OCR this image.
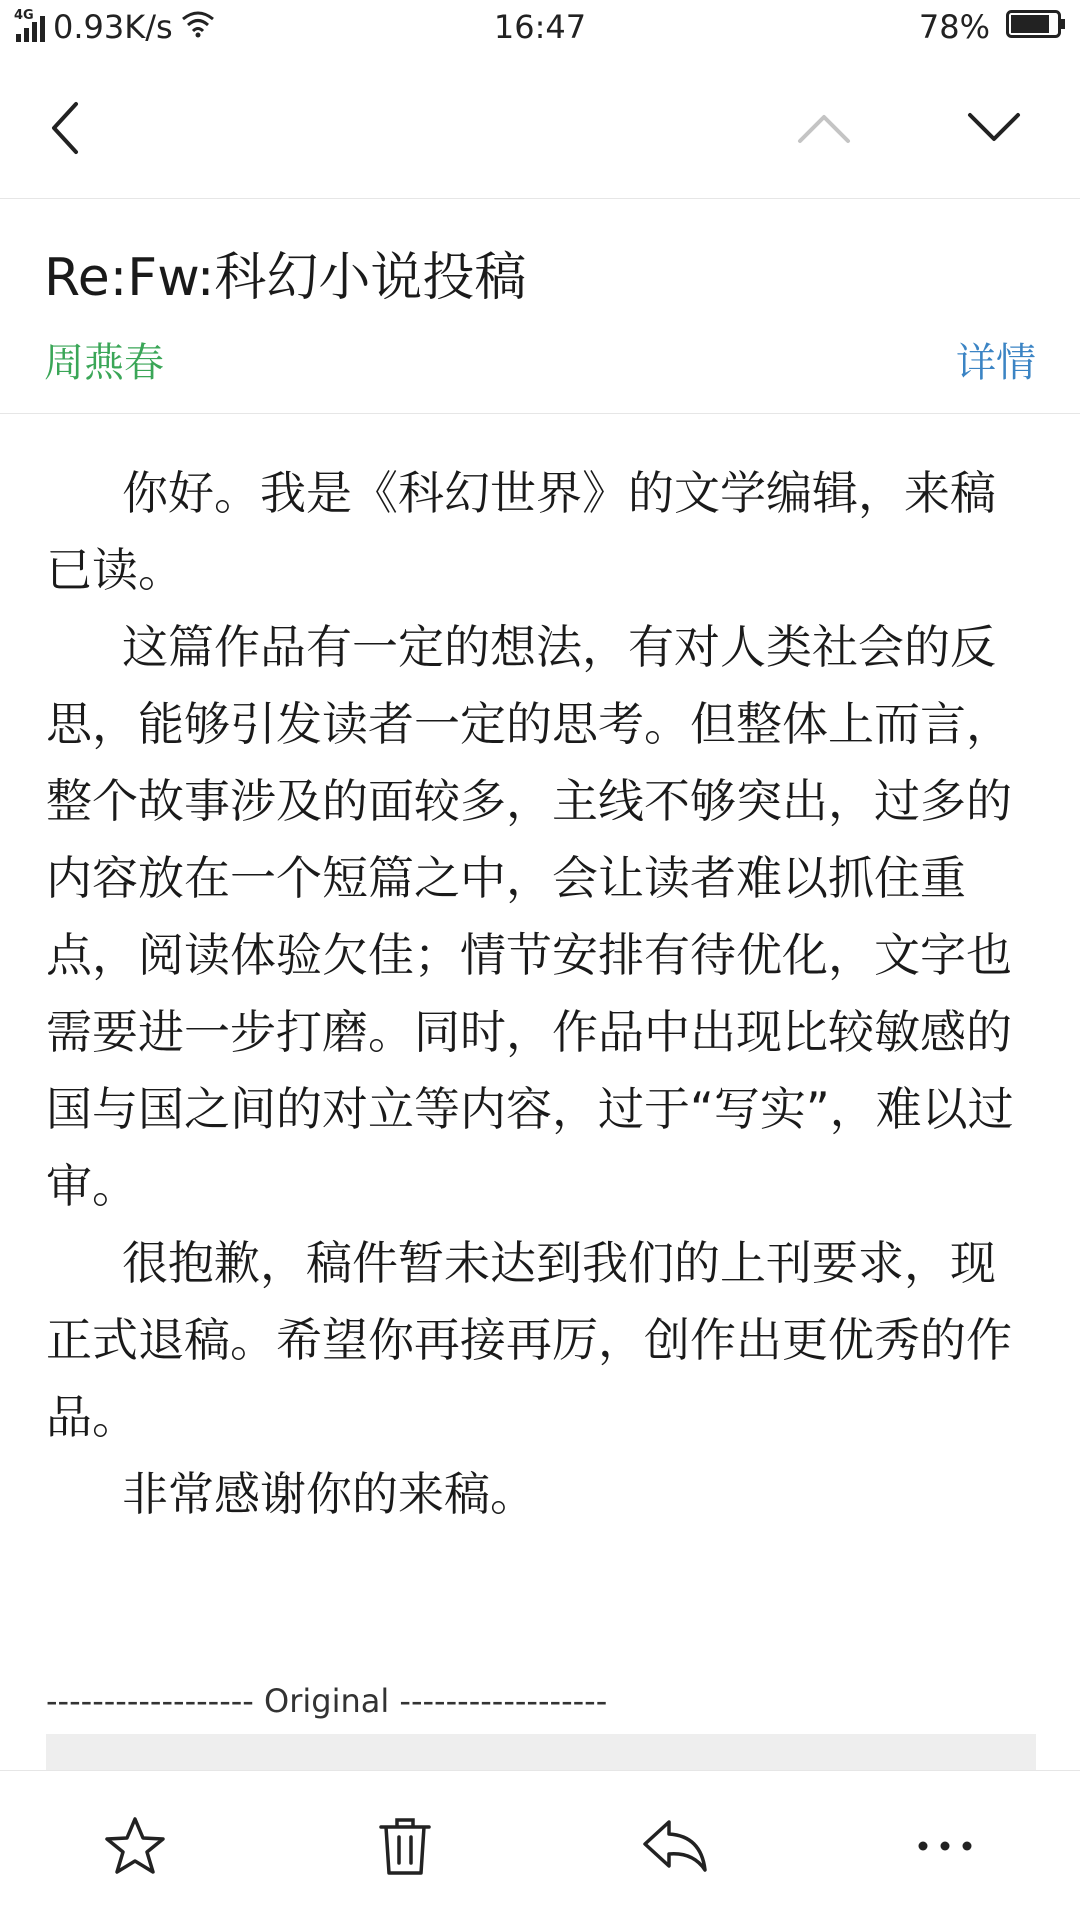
4G 0.93K/s	16:47	78%
Re:Fw:科幻小说投稿
周燕春	详情

你好。我是《科幻世界》的文学编辑，来稿已读。

这篇作品有一定的想法，有对人类社会的反思，能够引发读者一定的思考。但整体上而言，整个故事涉及的面较多，主线不够突出，过多的内容放在一个短篇之中，会让读者难以抓住重点，阅读体验欠佳；情节安排有待优化，文字也需要进一步打磨。同时，作品中出现比较敏感的国与国之间的对立等内容，过于“写实”，难以过审。

很抱歉，稿件暂未达到我们的上刊要求，现正式退稿。希望你再接再厉，创作出更优秀的作品。

非常感谢你的来稿。

------------------ Original ------------------
